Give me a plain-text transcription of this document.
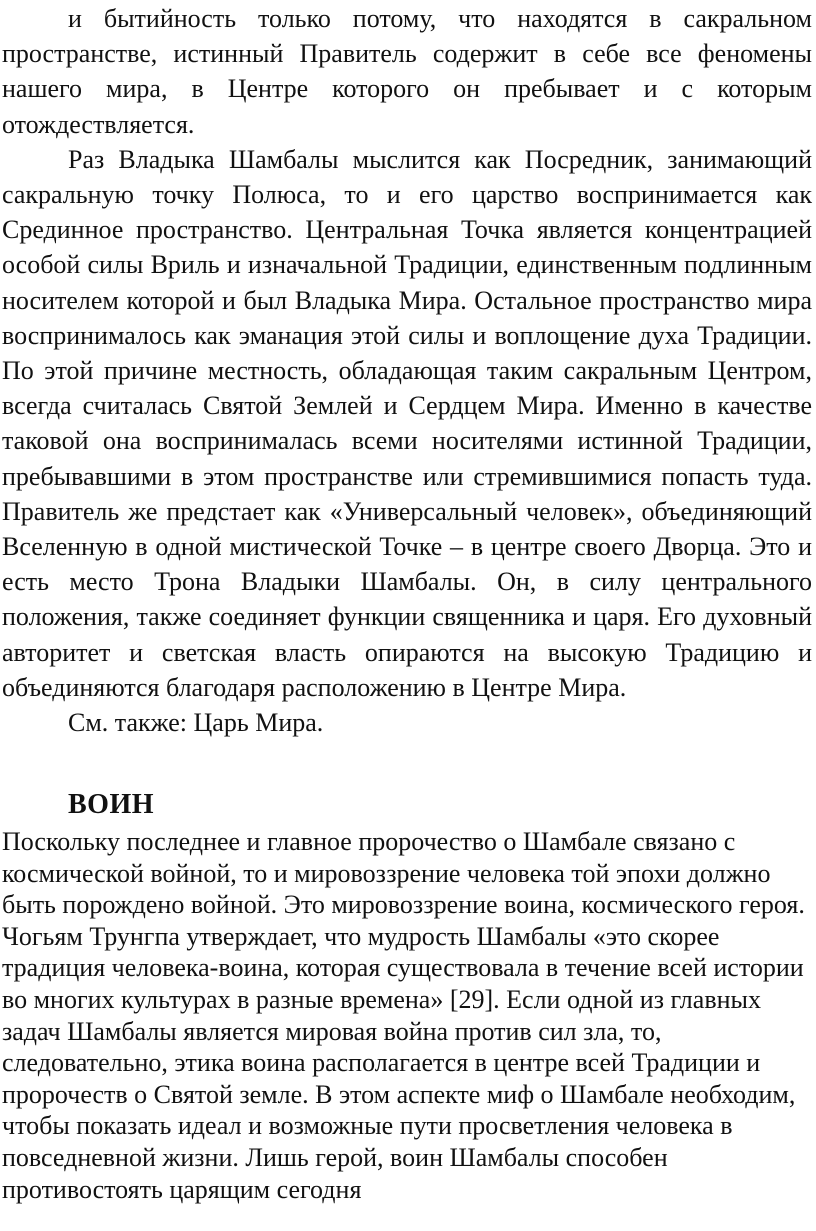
и бытийность только потому, что находятся в сакральном пространстве, истинный Правитель содержит в себе все феномены нашего мира, в Центре которого он пребывает и с которым отождествляется.

Раз Владыка Шамбалы мыслится как Посредник, занимающий сакральную точку Полюса, то и его царство воспринимается как Срединное пространство. Центральная Точка является концентрацией особой силы Вриль и изначальной Традиции, единственным подлинным носителем которой и был Владыка Мира. Остальное пространство мира воспринималось как эманация этой силы и воплощение духа Традиции. По этой причине местность, обладающая таким сакральным Центром, всегда считалась Святой Землей и Сердцем Мира. Именно в качестве таковой она воспринималась всеми носителями истинной Традиции, пребывавшими в этом пространстве или стремившимися попасть туда. Правитель же предстает как «Универсальный человек», объединяющий Вселенную в одной мистической Точке – в центре своего Дворца. Это и есть место Трона Владыки Шамбалы. Он, в силу центрального положения, также соединяет функции священника и царя. Его духовный авторитет и светская власть опираются на высокую Традицию и объединяются благодаря расположению в Центре Мира.

См. также: Царь Мира.

ВОИН

Поскольку последнее и главное пророчество о Шамбале связано с космической войной, то и мировоззрение человека той эпохи должно быть порождено войной. Это мировоззрение воина, космического героя. Чогьям Трунгпа утверждает, что мудрость Шамбалы «это скорее традиция человека-воина, которая существовала в течение всей истории во многих культурах в разные времена» [29]. Если одной из главных задач Шамбалы является мировая война против сил зла, то, следовательно, этика воина располагается в центре всей Традиции и пророчеств о Святой земле. В этом аспекте миф о Шамбале необходим, чтобы показать идеал и возможные пути просветления человека в повседневной жизни. Лишь герой, воин Шамбалы способен противостоять царящим сегодня
